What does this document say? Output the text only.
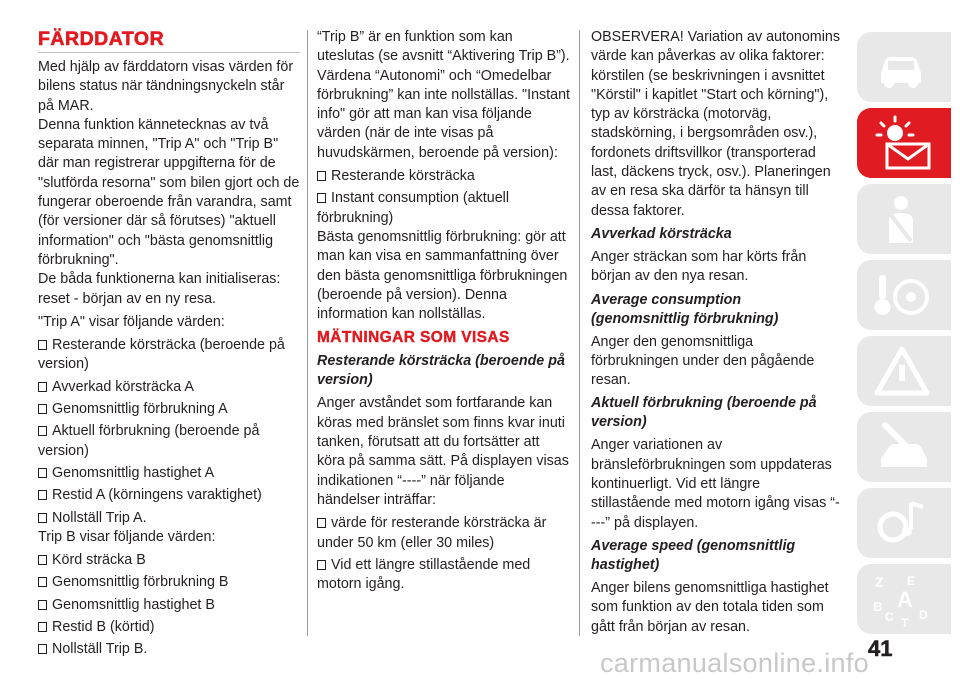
FÄRDDATOR

Med hjälp av färddatorn visas värden för bilens status när tändningsnyckeln står på MAR.

Denna funktion kännetecknas av två separata minnen, "Trip A" och "Trip B" där man registrerar uppgifterna för de "slutförda resorna" som bilen gjort och de fungerar oberoende från varandra, samt (för versioner där så förutses) "aktuell information" och "bästa genomsnittlig förbrukning".

De båda funktionerna kan initialiseras: reset - början av en ny resa.

"Trip A" visar följande värden:

Resterande körsträcka (beroende på version)
Avverkad körsträcka A
Genomsnittlig förbrukning A
Aktuell förbrukning (beroende på version)
Genomsnittlig hastighet A
Restid A (körningens varaktighet)
Nollställ Trip A.

Trip B visar följande värden:

Körd sträcka B
Genomsnittlig förbrukning B
Genomsnittlig hastighet B
Restid B (körtid)
Nollställ Trip B.

“Trip B” är en funktion som kan uteslutas (se avsnitt “Aktivering Trip B”). Värdena “Autonomi” och “Omedelbar förbrukning” kan inte nollställas. "Instant info" gör att man kan visa följande värden (när de inte visas på huvudskärmen, beroende på version):

Resterande körsträcka
Instant consumption (aktuell förbrukning)

Bästa genomsnittlig förbrukning: gör att man kan visa en sammanfattning över den bästa genomsnittliga förbrukningen (beroende på version). Denna information kan nollställas.

MÄTNINGAR SOM VISAS
Resterande körsträcka (beroende på version)

Anger avståndet som fortfarande kan köras med bränslet som finns kvar inuti tanken, förutsatt att du fortsätter att köra på samma sätt. På displayen visas indikationen “----” när följande händelser inträffar:

värde för resterande körsträcka är under 50 km (eller 30 miles)
Vid ett längre stillastående med motorn igång.

OBSERVERA! Variation av autonomins värde kan påverkas av olika faktorer: körstilen (se beskrivningen i avsnittet "Körstil" i kapitlet "Start och körning"), typ av körsträcka (motorväg, stadskörning, i bergsområden osv.), fordonets driftsvillkor (transporterad last, däckens tryck, osv.). Planeringen av en resa ska därför ta hänsyn till dessa faktorer.

Avverkad körsträcka

Anger sträckan som har körts från början av den nya resan.

Average consumption (genomsnittlig förbrukning)

Anger den genomsnittliga förbrukningen under den pågående resan.

Aktuell förbrukning (beroende på version)

Anger variationen av bränsleförbrukningen som uppdateras kontinuerligt. Vid ett längre stillastående med motorn igång visas “----” på displayen.

Average speed (genomsnittlig hastighet)

Anger bilens genomsnittliga hastighet som funktion av den totala tiden som gått från början av resan.

Z E
B A
C T
D
41
carmanualsonline.info
